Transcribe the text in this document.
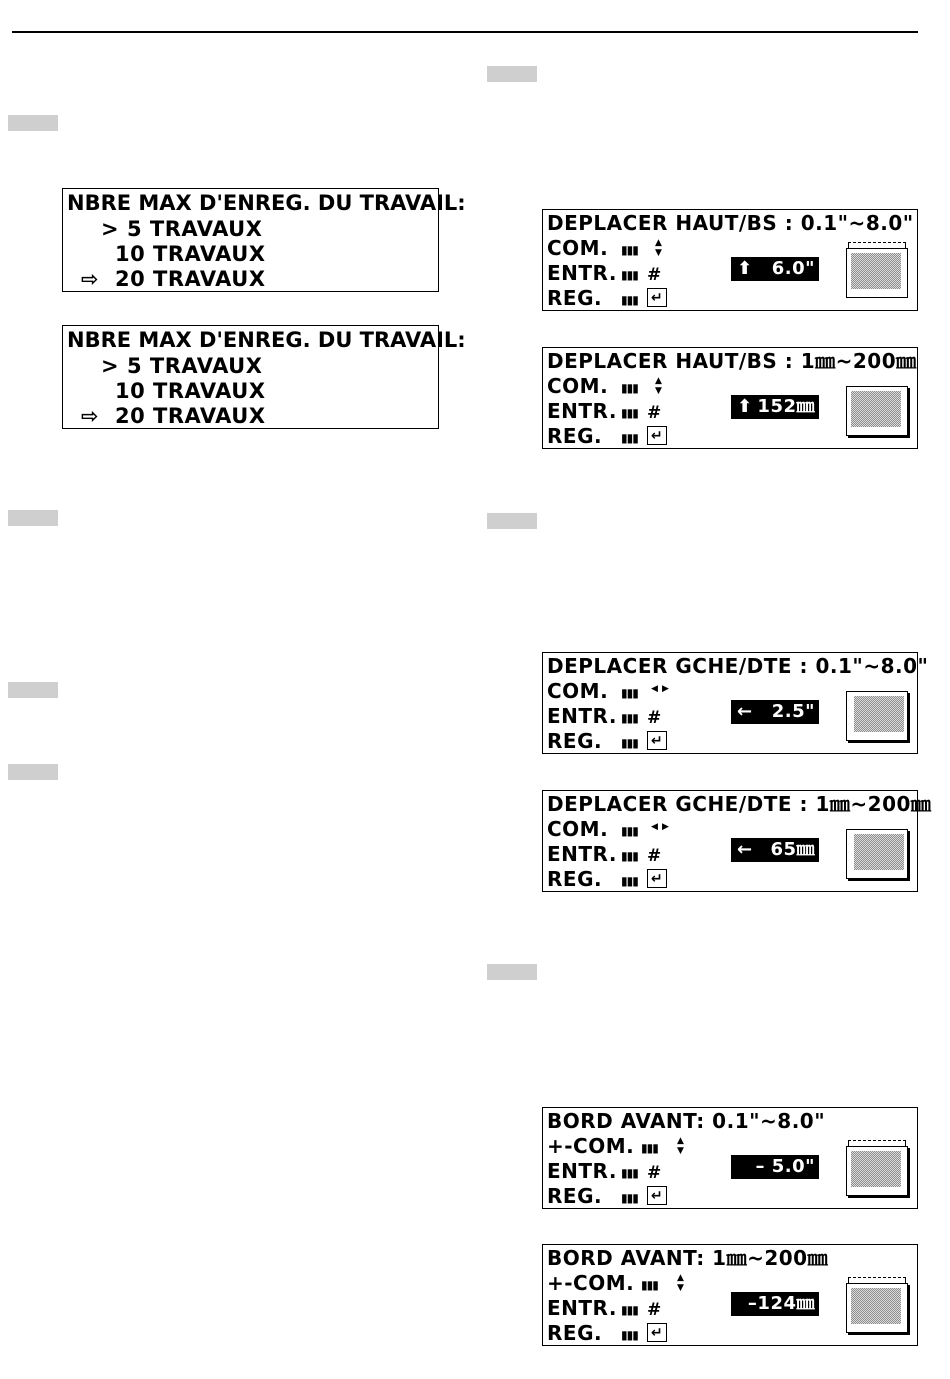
NBRE MAX D'ENREG. DU TRAVAIL:
> 5 TRAVAUX
10 TRAVAUX
⇨ 20 TRAVAUX
NBRE MAX D'ENREG. DU TRAVAIL:
> 5 TRAVAUX
10 TRAVAUX
⇨ 20 TRAVAUX
DEPLACER HAUT/BS : 0.1"~8.0"
COM. ▮▮▮ ▲▼
ENTR. ▮▮▮ #
REG. ▮▮▮ ↵
⬆ 6.0"
DEPLACER HAUT/BS : 1㎜~200㎜
COM. ▮▮▮ ▲▼
ENTR. ▮▮▮ #
REG. ▮▮▮ ↵
⬆ 152㎜
DEPLACER GCHE/DTE : 0.1"~8.0"
COM. ▮▮▮ ◀ ▶
ENTR. ▮▮▮ #
REG. ▮▮▮ ↵
← 2.5"
DEPLACER GCHE/DTE : 1㎜~200㎜
COM. ▮▮▮ ◀ ▶
ENTR. ▮▮▮ #
REG. ▮▮▮ ↵
← 65㎜
BORD AVANT: 0.1"~8.0"
+-COM. ▮▮▮ ▲▼
ENTR. ▮▮▮ #
REG. ▮▮▮ ↵
– 5.0"
BORD AVANT: 1㎜~200㎜
+-COM. ▮▮▮ ▲▼
ENTR. ▮▮▮ #
REG. ▮▮▮ ↵
–124㎜
